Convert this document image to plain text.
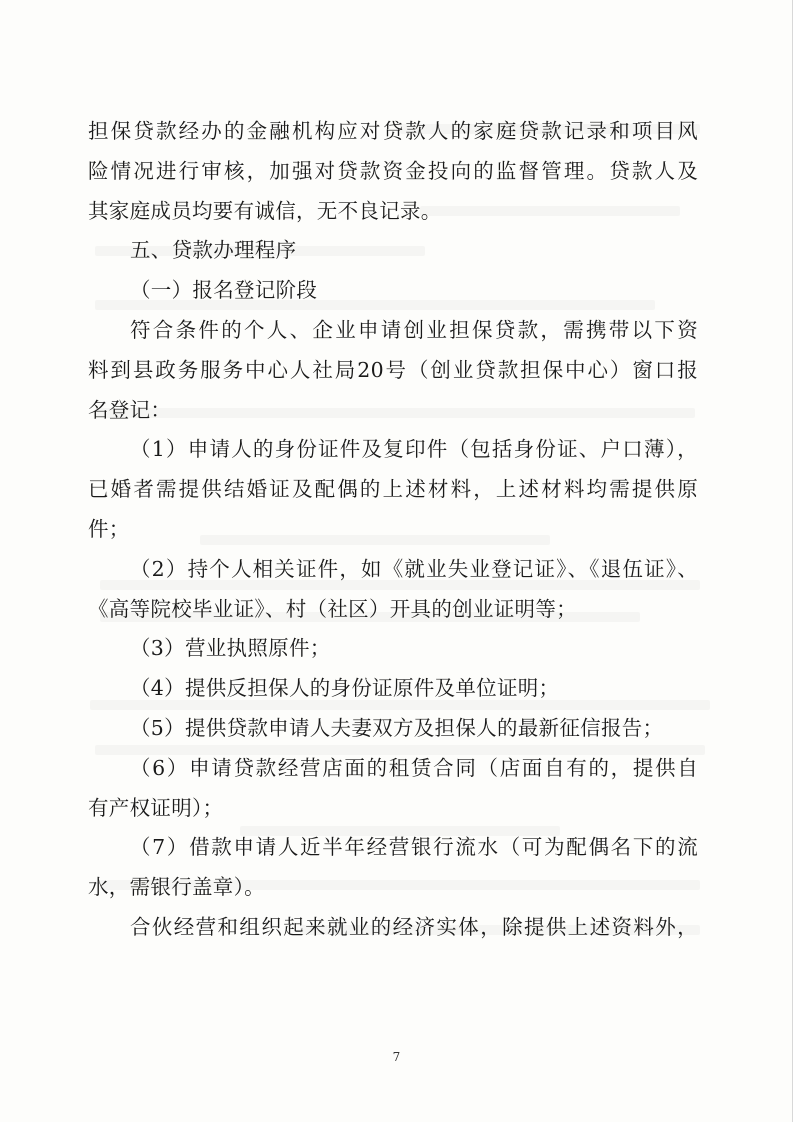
担保贷款经办的金融机构应对贷款人的家庭贷款记录和项目风
险情况进行审核，加强对贷款资金投向的监督管理。贷款人及
其家庭成员均要有诚信，无不良记录。
五、贷款办理程序
（一）报名登记阶段
符合条件的个人、企业申请创业担保贷款，需携带以下资
料到县政务服务中心人社局20号（创业贷款担保中心）窗口报
名登记：
（1）申请人的身份证件及复印件（包括身份证、户口薄），
已婚者需提供结婚证及配偶的上述材料，上述材料均需提供原
件；
（2）持个人相关证件，如《就业失业登记证》、《退伍证》、
《高等院校毕业证》、村（社区）开具的创业证明等；
（3）营业执照原件；
（4）提供反担保人的身份证原件及单位证明；
（5）提供贷款申请人夫妻双方及担保人的最新征信报告；
（6）申请贷款经营店面的租赁合同（店面自有的，提供自
有产权证明）；
（7）借款申请人近半年经营银行流水（可为配偶名下的流
水，需银行盖章）。
合伙经营和组织起来就业的经济实体，除提供上述资料外，
7
